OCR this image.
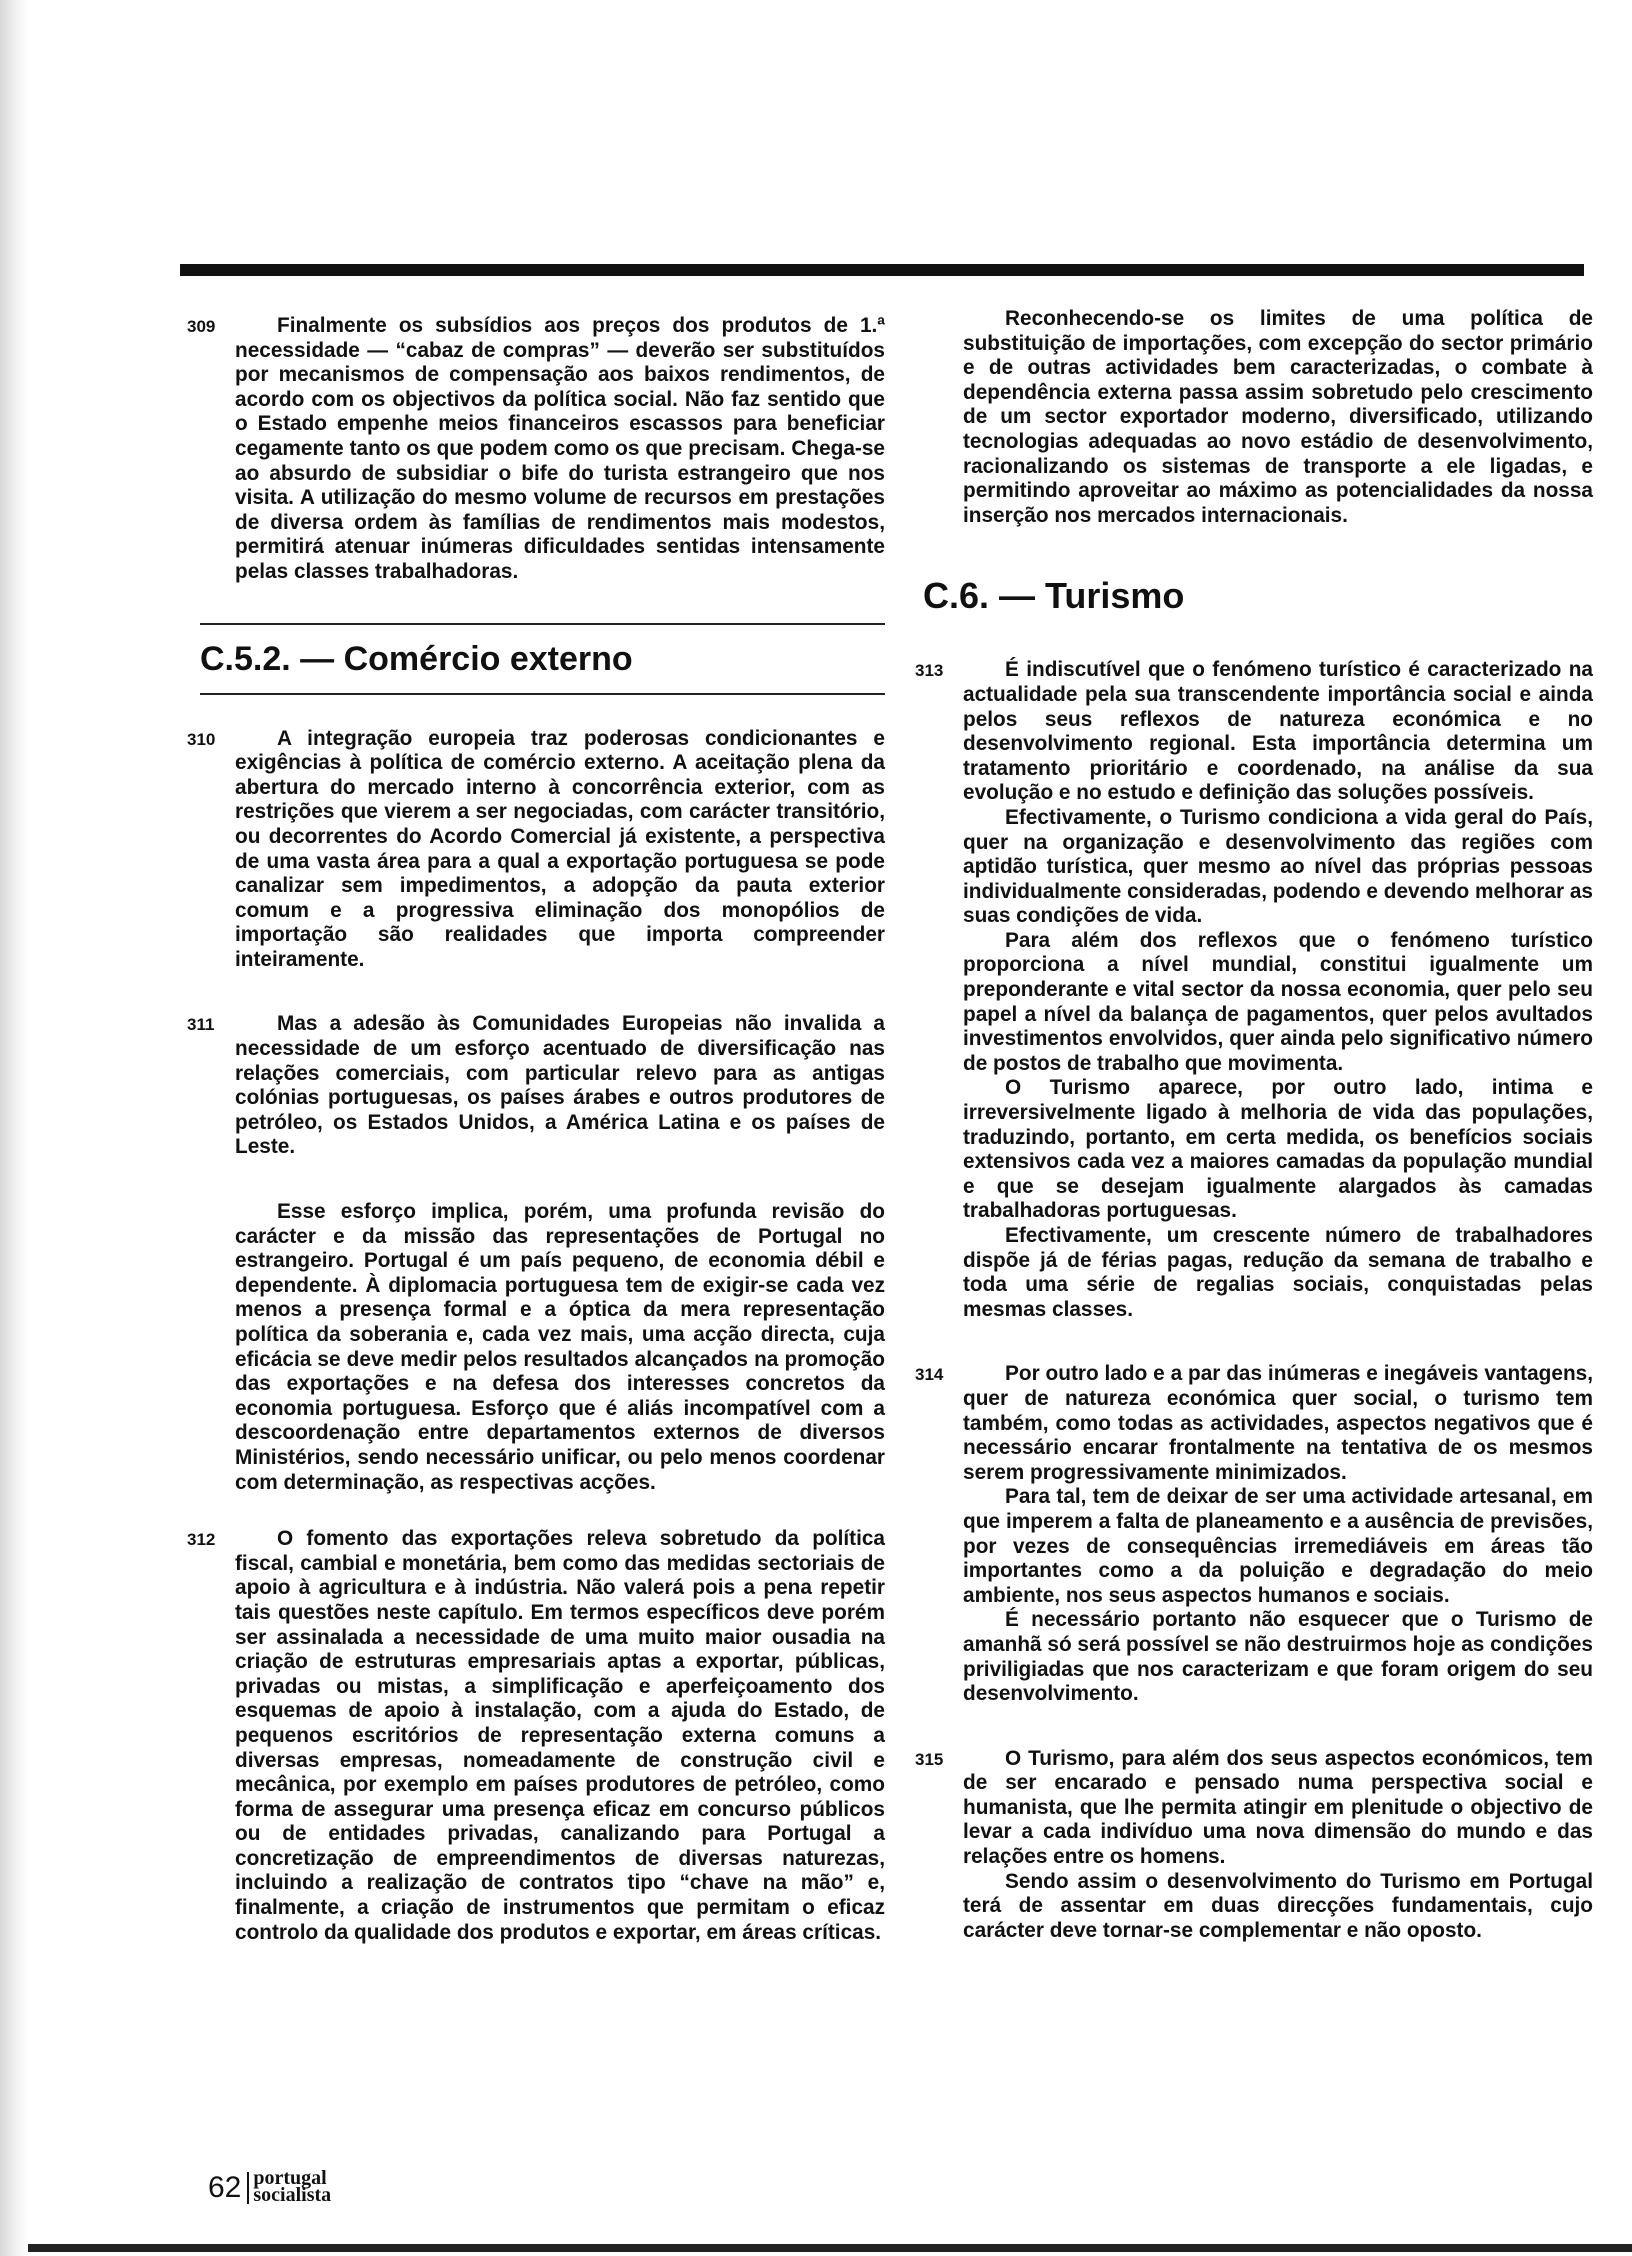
309	Finalmente os subsídios aos preços dos produtos de 1.ª necessidade — “cabaz de compras” — deverão ser substituídos por mecanismos de compensação aos baixos rendimentos, de acordo com os objectivos da política social. Não faz sentido que o Estado empenhe meios financeiros escassos para beneficiar cegamente tanto os que podem como os que precisam. Chega-se ao absurdo de subsidiar o bife do turista estrangeiro que nos visita. A utilização do mesmo volume de recursos em prestações de diversa ordem às famílias de rendimentos mais modestos, permitirá atenuar inúmeras dificuldades sentidas intensamente pelas classes trabalhadoras.
C.5.2. — Comércio externo
310	A integração europeia traz poderosas condicionantes e exigências à política de comércio externo. A aceitação plena da abertura do mercado interno à concorrência exterior, com as restrições que vierem a ser negociadas, com carácter transitório, ou decorrentes do Acordo Comercial já existente, a perspectiva de uma vasta área para a qual a exportação portuguesa se pode canalizar sem impedimentos, a adopção da pauta exterior comum e a progressiva eliminação dos monopólios de importação são realidades que importa compreender inteiramente.
311	Mas a adesão às Comunidades Europeias não invalida a necessidade de um esforço acentuado de diversificação nas relações comerciais, com particular relevo para as antigas colónias portuguesas, os países árabes e outros produtores de petróleo, os Estados Unidos, a América Latina e os países de Leste.
Esse esforço implica, porém, uma profunda revisão do carácter e da missão das representações de Portugal no estrangeiro. Portugal é um país pequeno, de economia débil e dependente. À diplomacia portuguesa tem de exigir-se cada vez menos a presença formal e a óptica da mera representação política da soberania e, cada vez mais, uma acção directa, cuja eficácia se deve medir pelos resultados alcançados na promoção das exportações e na defesa dos interesses concretos da economia portuguesa. Esforço que é aliás incompatível com a descoordenação entre departamentos externos de diversos Ministérios, sendo necessário unificar, ou pelo menos coordenar com determinação, as respectivas acções.
312	O fomento das exportações releva sobretudo da política fiscal, cambial e monetária, bem como das medidas sectoriais de apoio à agricultura e à indústria. Não valerá pois a pena repetir tais questões neste capítulo. Em termos específicos deve porém ser assinalada a necessidade de uma muito maior ousadia na criação de estruturas empresariais aptas a exportar, públicas, privadas ou mistas, a simplificação e aperfeiçoamento dos esquemas de apoio à instalação, com a ajuda do Estado, de pequenos escritórios de representação externa comuns a diversas empresas, nomeadamente de construção civil e mecânica, por exemplo em países produtores de petróleo, como forma de assegurar uma presença eficaz em concurso públicos ou de entidades privadas, canalizando para Portugal a concretização de empreendimentos de diversas naturezas, incluindo a realização de contratos tipo “chave na mão” e, finalmente, a criação de instrumentos que permitam o eficaz controlo da qualidade dos produtos e exportar, em áreas críticas.
Reconhecendo-se os limites de uma política de substituição de importações, com excepção do sector primário e de outras actividades bem caracterizadas, o combate à dependência externa passa assim sobretudo pelo crescimento de um sector exportador moderno, diversificado, utilizando tecnologias adequadas ao novo estádio de desenvolvimento, racionalizando os sistemas de transporte a ele ligadas, e permitindo aproveitar ao máximo as potencialidades da nossa inserção nos mercados internacionais.
C.6. — Turismo
313	É indiscutível que o fenómeno turístico é caracterizado na actualidade pela sua transcendente importância social e ainda pelos seus reflexos de natureza económica e no desenvolvimento regional. Esta importância determina um tratamento prioritário e coordenado, na análise da sua evolução e no estudo e definição das soluções possíveis.
Efectivamente, o Turismo condiciona a vida geral do País, quer na organização e desenvolvimento das regiões com aptidão turística, quer mesmo ao nível das próprias pessoas individualmente consideradas, podendo e devendo melhorar as suas condições de vida.
Para além dos reflexos que o fenómeno turístico proporciona a nível mundial, constitui igualmente um preponderante e vital sector da nossa economia, quer pelo seu papel a nível da balança de pagamentos, quer pelos avultados investimentos envolvidos, quer ainda pelo significativo número de postos de trabalho que movimenta.
O Turismo aparece, por outro lado, intima e irreversivelmente ligado à melhoria de vida das populações, traduzindo, portanto, em certa medida, os benefícios sociais extensivos cada vez a maiores camadas da população mundial e que se desejam igualmente alargados às camadas trabalhadoras portuguesas.
Efectivamente, um crescente número de trabalhadores dispõe já de férias pagas, redução da semana de trabalho e toda uma série de regalias sociais, conquistadas pelas mesmas classes.
314	Por outro lado e a par das inúmeras e inegáveis vantagens, quer de natureza económica quer social, o turismo tem também, como todas as actividades, aspectos negativos que é necessário encarar frontalmente na tentativa de os mesmos serem progressivamente minimizados.
Para tal, tem de deixar de ser uma actividade artesanal, em que imperem a falta de planeamento e a ausência de previsões, por vezes de consequências irremediáveis em áreas tão importantes como a da poluição e degradação do meio ambiente, nos seus aspectos humanos e sociais.
É necessário portanto não esquecer que o Turismo de amanhã só será possível se não destruirmos hoje as condições priviligiadas que nos caracterizam e que foram origem do seu desenvolvimento.
315	O Turismo, para além dos seus aspectos económicos, tem de ser encarado e pensado numa perspectiva social e humanista, que lhe permita atingir em plenitude o objectivo de levar a cada indivíduo uma nova dimensão do mundo e das relações entre os homens.
Sendo assim o desenvolvimento do Turismo em Portugal terá de assentar em duas direcções fundamentais, cujo carácter deve tornar-se complementar e não oposto.
62 portugal
socialista
